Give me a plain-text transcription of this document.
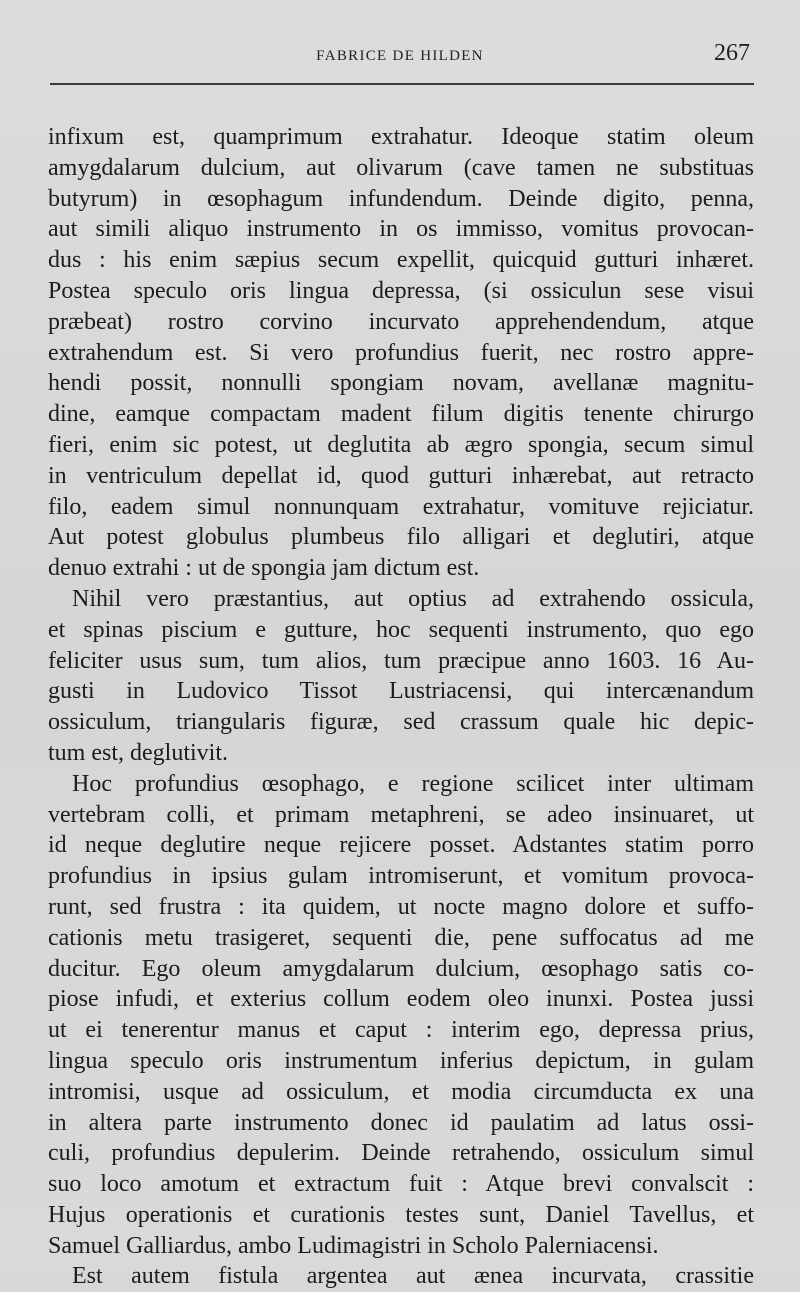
FABRICE DE HILDEN	267
infixum est, quamprimum extrahatur. Ideoque statim oleum
amygdalarum dulcium, aut olivarum (cave tamen ne substituas
butyrum) in œsophagum infundendum. Deinde digito, penna,
aut simili aliquo instrumento in os immisso, vomitus provocan-
dus : his enim sæpius secum expellit, quicquid gutturi inhæret.
Postea speculo oris lingua depressa, (si ossiculun sese visui
præbeat) rostro corvino incurvato apprehendendum, atque
extrahendum est. Si vero profundius fuerit, nec rostro appre-
hendi possit, nonnulli spongiam novam, avellanæ magnitu-
dine, eamque compactam madent filum digitis tenente chirurgo
fieri, enim sic potest, ut deglutita ab ægro spongia, secum simul
in ventriculum depellat id, quod gutturi inhærebat, aut retracto
filo, eadem simul nonnunquam extrahatur, vomituve rejiciatur.
Aut potest globulus plumbeus filo alligari et deglutiri, atque
denuo extrahi : ut de spongia jam dictum est.
Nihil vero præstantius, aut optius ad extrahendo ossicula,
et spinas piscium e gutture, hoc sequenti instrumento, quo ego
feliciter usus sum, tum alios, tum præcipue anno 1603. 16 Au-
gusti in Ludovico Tissot Lustriacensi, qui intercænandum
ossiculum, triangularis figuræ, sed crassum quale hic depic-
tum est, deglutivit.
Hoc profundius œsophago, e regione scilicet inter ultimam
vertebram colli, et primam metaphreni, se adeo insinuaret, ut
id neque deglutire neque rejicere posset. Adstantes statim porro
profundius in ipsius gulam intromiserunt, et vomitum provoca-
runt, sed frustra : ita quidem, ut nocte magno dolore et suffo-
cationis metu trasigeret, sequenti die, pene suffocatus ad me
ducitur. Ego oleum amygdalarum dulcium, œsophago satis co-
piose infudi, et exterius collum eodem oleo inunxi. Postea jussi
ut ei tenerentur manus et caput : interim ego, depressa prius,
lingua speculo oris instrumentum inferius depictum, in gulam
intromisi, usque ad ossiculum, et modia circumducta ex una
in altera parte instrumento donec id paulatim ad latus ossi-
culi, profundius depulerim. Deinde retrahendo, ossiculum simul
suo loco amotum et extractum fuit : Atque brevi convalscit :
Hujus operationis et curationis testes sunt, Daniel Tavellus, et
Samuel Galliardus, ambo Ludimagistri in Scholo Palerniacensi.
Est autem fistula argentea aut ænea incurvata, crassitie
